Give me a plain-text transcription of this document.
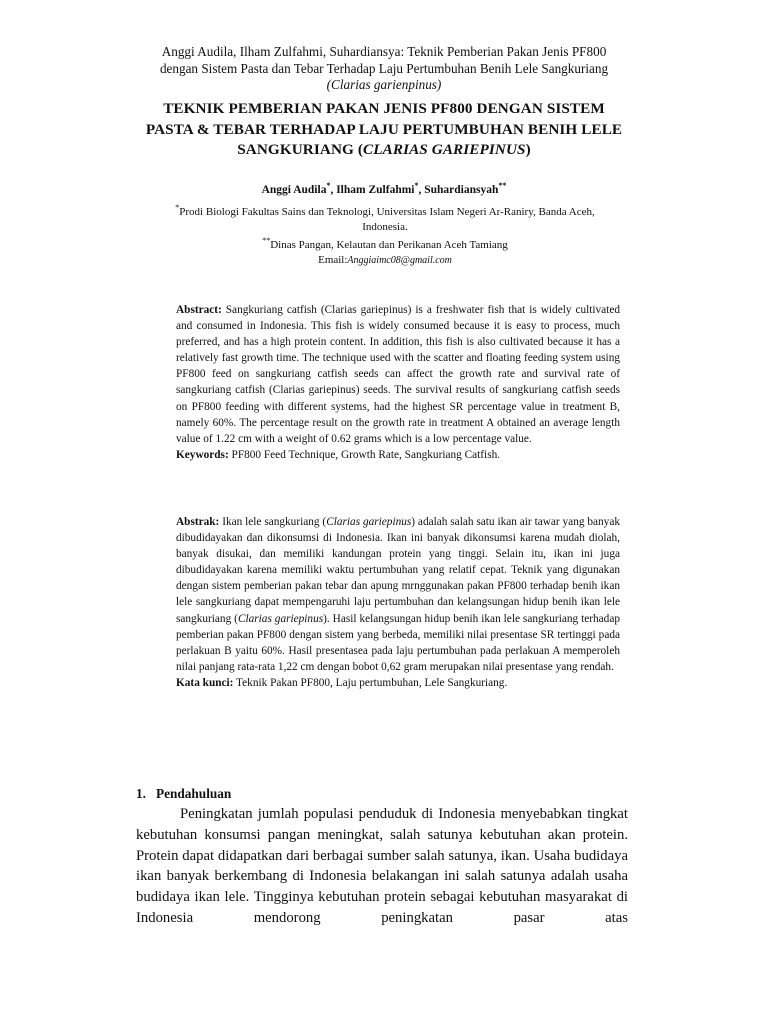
Anggi Audila, Ilham Zulfahmi, Suhardiansya: Teknik Pemberian Pakan Jenis PF800
dengan Sistem Pasta dan Tebar Terhadap Laju Pertumbuhan Benih Lele Sangkuriang
(Clarias garienpinus)
TEKNIK PEMBERIAN PAKAN JENIS PF800 DENGAN SISTEM
PASTA & TEBAR TERHADAP LAJU PERTUMBUHAN BENIH LELE
SANGKURIANG (CLARIAS GARIEPINUS)
Anggi Audila*, Ilham Zulfahmi*, Suhardiansyah**
*Prodi Biologi Fakultas Sains dan Teknologi, Universitas Islam Negeri Ar-Raniry, Banda Aceh,
Indonesia.
**Dinas Pangan, Kelautan dan Perikanan Aceh Tamiang
Email:Anggiaimc08@gmail.com
Abstract: Sangkuriang catfish (Clarias gariepinus) is a freshwater fish that is widely cultivated and consumed in Indonesia. This fish is widely consumed because it is easy to process, much preferred, and has a high protein content. In addition, this fish is also cultivated because it has a relatively fast growth time. The technique used with the scatter and floating feeding system using PF800 feed on sangkuriang catfish seeds can affect the growth rate and survival rate of sangkuriang catfish (Clarias gariepinus) seeds. The survival results of sangkuriang catfish seeds on PF800 feeding with different systems, had the highest SR percentage value in treatment B, namely 60%. The percentage result on the growth rate in treatment A obtained an average length value of 1.22 cm with a weight of 0.62 grams which is a low percentage value.
Keywords: PF800 Feed Technique, Growth Rate, Sangkuriang Catfish.
Abstrak: Ikan lele sangkuriang (Clarias gariepinus) adalah salah satu ikan air tawar yang banyak dibudidayakan dan dikonsumsi di Indonesia. Ikan ini banyak dikonsumsi karena mudah diolah, banyak disukai, dan memiliki kandungan protein yang tinggi. Selain itu, ikan ini juga dibudidayakan karena memiliki waktu pertumbuhan yang relatif cepat. Teknik yang digunakan dengan sistem pemberian pakan tebar dan apung mrnggunakan pakan PF800 terhadap benih ikan lele sangkuriang dapat mempengaruhi laju pertumbuhan dan kelangsungan hidup benih ikan lele sangkuriang (Clarias gariepinus). Hasil kelangsungan hidup benih ikan lele sangkuriang terhadap pemberian pakan PF800 dengan sistem yang berbeda, memiliki nilai presentase SR tertinggi pada perlakuan B yaitu 60%. Hasil presentasea pada laju pertumbuhan pada perlakuan A memperoleh nilai panjang rata-rata 1,22 cm dengan bobot 0,62 gram merupakan nilai presentase yang rendah.
Kata kunci: Teknik Pakan PF800, Laju pertumbuhan, Lele Sangkuriang.
1.   Pendahuluan
Peningkatan jumlah populasi penduduk di Indonesia menyebabkan tingkat kebutuhan konsumsi pangan meningkat, salah satunya kebutuhan akan protein. Protein dapat didapatkan dari berbagai sumber salah satunya, ikan. Usaha budidaya ikan banyak berkembang di Indonesia belakangan ini salah satunya adalah usaha budidaya ikan lele. Tingginya kebutuhan protein sebagai kebutuhan masyarakat di Indonesia mendorong peningkatan pasar atas
